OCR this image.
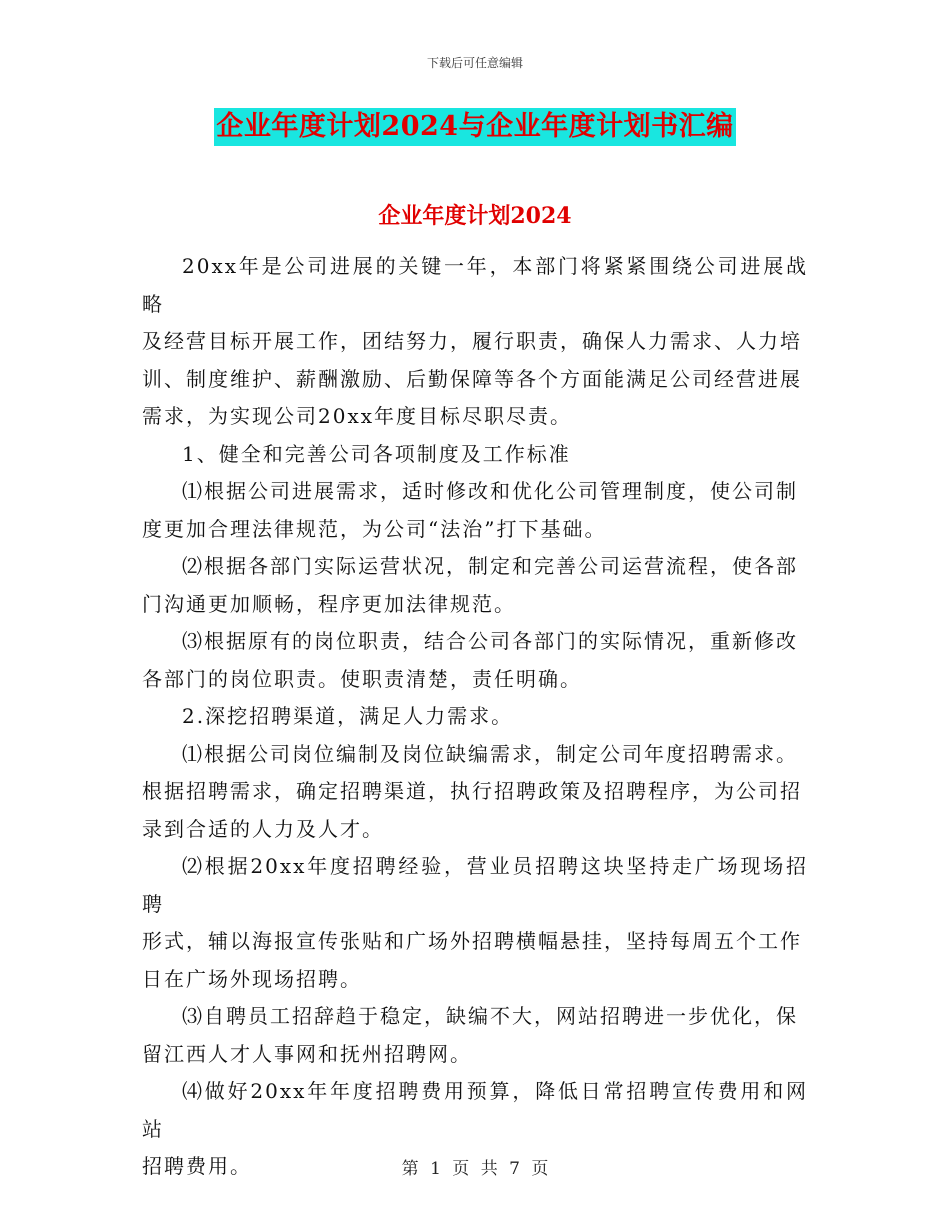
下载后可任意编辑
企业年度计划2024与企业年度计划书汇编
企业年度计划2024

20xx年是公司进展的关键一年，本部门将紧紧围绕公司进展战略
及经营目标开展工作，团结努力，履行职责，确保人力需求、人力培
训、制度维护、薪酬激励、后勤保障等各个方面能满足公司经营进展
需求，为实现公司20xx年度目标尽职尽责。

1、健全和完善公司各项制度及工作标准

⑴根据公司进展需求，适时修改和优化公司管理制度，使公司制
度更加合理法律规范，为公司“法治”打下基础。

⑵根据各部门实际运营状况，制定和完善公司运营流程，使各部
门沟通更加顺畅，程序更加法律规范。

⑶根据原有的岗位职责，结合公司各部门的实际情况，重新修改
各部门的岗位职责。使职责清楚，责任明确。

2.深挖招聘渠道，满足人力需求。

⑴根据公司岗位编制及岗位缺编需求，制定公司年度招聘需求。
根据招聘需求，确定招聘渠道，执行招聘政策及招聘程序，为公司招
录到合适的人力及人才。

⑵根据20xx年度招聘经验，营业员招聘这块坚持走广场现场招聘
形式，辅以海报宣传张贴和广场外招聘横幅悬挂，坚持每周五个工作
日在广场外现场招聘。

⑶自聘员工招辞趋于稳定，缺编不大，网站招聘进一步优化，保
留江西人才人事网和抚州招聘网。

⑷做好20xx年年度招聘费用预算，降低日常招聘宣传费用和网站
招聘费用。	第 1 页 共 7 页
